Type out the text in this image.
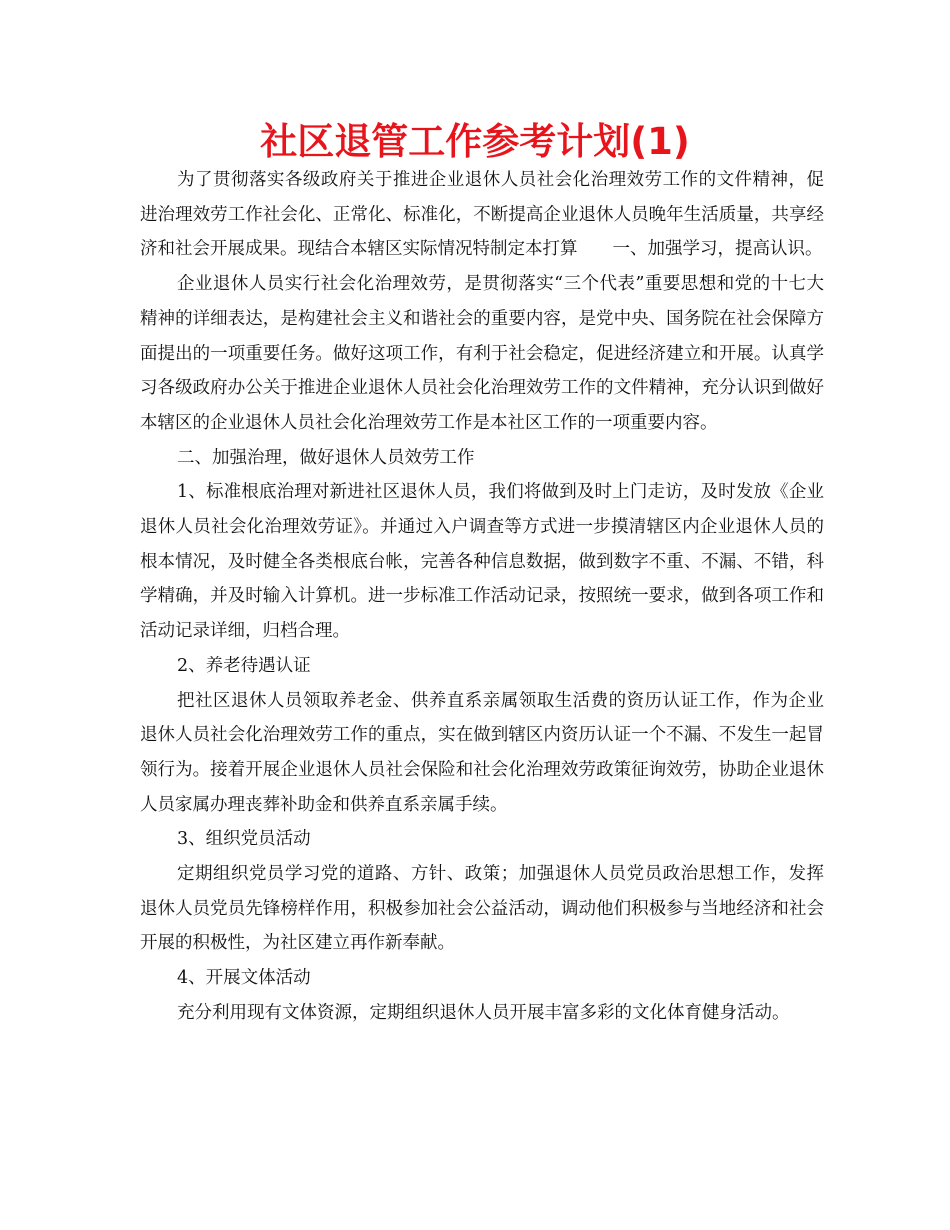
社区退管工作参考计划(1)

为了贯彻落实各级政府关于推进企业退休人员社会化治理效劳工作的文件精神，促进治理效劳工作社会化、正常化、标准化，不断提高企业退休人员晚年生活质量，共享经济和社会开展成果。现结合本辖区实际情况特制定本打算　　一、加强学习，提高认识。

企业退休人员实行社会化治理效劳，是贯彻落实“三个代表”重要思想和党的十七大精神的详细表达，是构建社会主义和谐社会的重要内容，是党中央、国务院在社会保障方面提出的一项重要任务。做好这项工作，有利于社会稳定，促进经济建立和开展。认真学习各级政府办公关于推进企业退休人员社会化治理效劳工作的文件精神，充分认识到做好本辖区的企业退休人员社会化治理效劳工作是本社区工作的一项重要内容。

二、加强治理，做好退休人员效劳工作

1、标准根底治理对新进社区退休人员，我们将做到及时上门走访，及时发放《企业退休人员社会化治理效劳证》。并通过入户调查等方式进一步摸清辖区内企业退休人员的根本情况，及时健全各类根底台帐，完善各种信息数据，做到数字不重、不漏、不错，科学精确，并及时输入计算机。进一步标准工作活动记录，按照统一要求，做到各项工作和活动记录详细，归档合理。

2、养老待遇认证

把社区退休人员领取养老金、供养直系亲属领取生活费的资历认证工作，作为企业退休人员社会化治理效劳工作的重点，实在做到辖区内资历认证一个不漏、不发生一起冒领行为。接着开展企业退休人员社会保险和社会化治理效劳政策征询效劳，协助企业退休人员家属办理丧葬补助金和供养直系亲属手续。

3、组织党员活动

定期组织党员学习党的道路、方针、政策；加强退休人员党员政治思想工作，发挥退休人员党员先锋榜样作用，积极参加社会公益活动，调动他们积极参与当地经济和社会开展的积极性，为社区建立再作新奉献。

4、开展文体活动

充分利用现有文体资源，定期组织退休人员开展丰富多彩的文化体育健身活动。
